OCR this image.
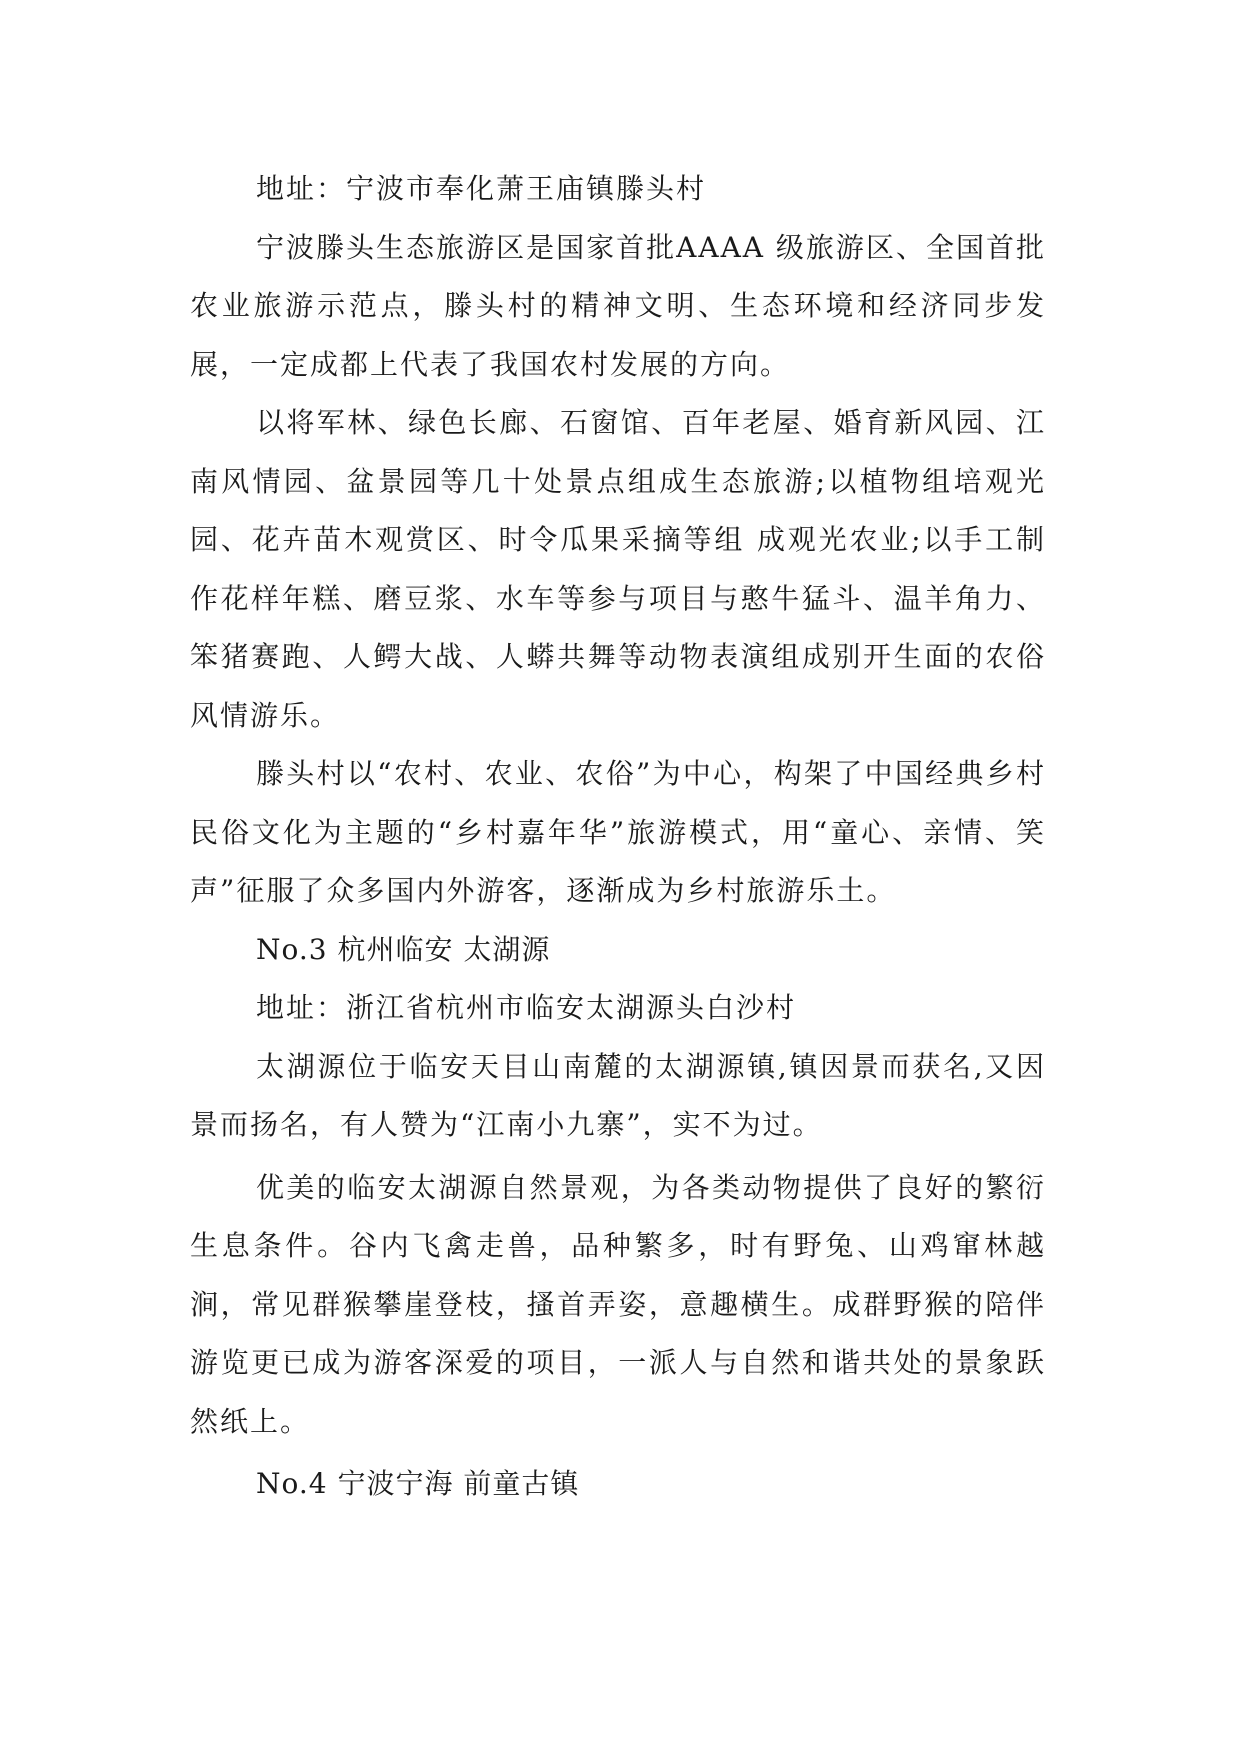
地址：宁波市奉化萧王庙镇滕头村

宁波滕头生态旅游区是国家首批AAAA 级旅游区、全国首批农业旅游示范点，滕头村的精神文明、生态环境和经济同步发展，一定成都上代表了我国农村发展的方向。

以将军林、绿色长廊、石窗馆、百年老屋、婚育新风园、江南风情园、盆景园等几十处景点组成生态旅游;以植物组培观光园、花卉苗木观赏区、时令瓜果采摘等组 成观光农业;以手工制作花样年糕、磨豆浆、水车等参与项目与憨牛猛斗、温羊角力、笨猪赛跑、人鳄大战、人蟒共舞等动物表演组成别开生面的农俗风情游乐。

滕头村以“农村、农业、农俗”为中心，构架了中国经典乡村民俗文化为主题的“乡村嘉年华”旅游模式，用“童心、亲情、笑声”征服了众多国内外游客，逐渐成为乡村旅游乐土。

No.3 杭州临安 太湖源

地址：浙江省杭州市临安太湖源头白沙村

太湖源位于临安天目山南麓的太湖源镇,镇因景而获名,又因景而扬名，有人赞为“江南小九寨”，实不为过。

优美的临安太湖源自然景观，为各类动物提供了良好的繁衍生息条件。谷内飞禽走兽，品种繁多，时有野兔、山鸡窜林越涧，常见群猴攀崖登枝，搔首弄姿，意趣横生。成群野猴的陪伴游览更已成为游客深爱的项目，一派人与自然和谐共处的景象跃然纸上。

No.4 宁波宁海 前童古镇
